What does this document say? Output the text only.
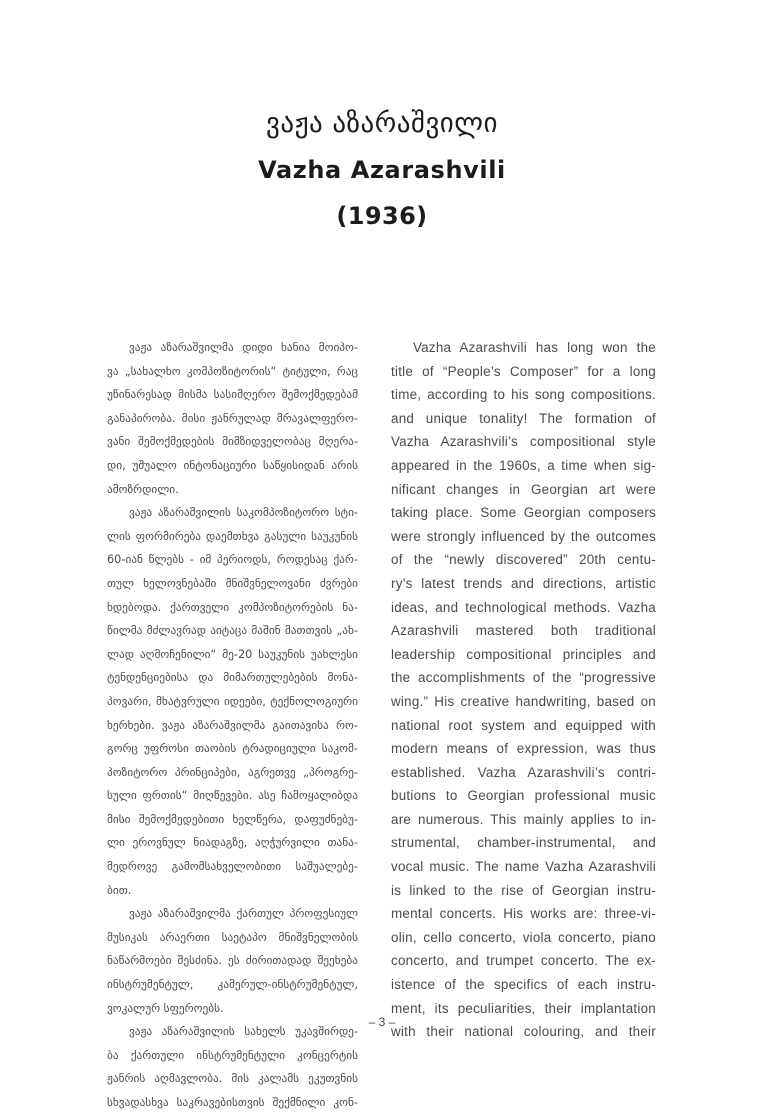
ვაჟა აზარაშვილი
Vazha Azarashvili
(1936)
ვაჟა აზარაშვილმა დიდი ხანია მოიპო-
ვა „სახალხო კომპოზიტორის“ ტიტული, რაც
უწინარესად მისმა სასიმღერო შემოქმედებამ
განაპირობა. მისი ჟანრულად მრავალფერო-
ვანი შემოქმედების მიმზიდველობაც მღერა-
დი, უშუალო ინტონაციური საწყისიდან არის
ამოზრდილი.
ვაჟა აზარაშვილის საკომპოზიტორო სტი-
ლის ფორმირება დაემთხვა გასული საუკუნის
60-იან წლებს - იმ პერიოდს, როდესაც ქარ-
თულ ხელოვნებაში მნიშვნელოვანი ძვრები
ხდებოდა. ქართველი კომპოზიტორების ნა-
წილმა მძლავრად აიტაცა მაშინ მათთვის „ახ-
ლად აღმოჩენილი“ მე-20 საუკუნის უახლესი
ტენდენციებისა და მიმართულებების მონა-
პოვარი, მხატვრული იდეები, ტექნოლოგიური
ხერხები. ვაჟა აზარაშვილმა გაითავისა რო-
გორც უფროსი თაობის ტრადიციული საკომ-
პოზიტორო პრინციპები, აგრეთვე „პროგრე-
სული ფრთის“ მიღწევები. ასე ჩამოყალიბდა
მისი შემოქმედებითი ხელწერა, დაფუძნებუ-
ლი ეროვნულ ნიადაგზე, აღჭურვილი თანა-
მედროვე გამომსახველობითი საშუალებე-
ბით.
ვაჟა აზარაშვილმა ქართულ პროფესიულ
მუსიკას არაერთი საეტაპო მნიშვნელობის
ნაწარმოები შესძინა. ეს ძირითადად შეეხება
ინსტრუმენტულ, კამერულ-ინსტრუმენტულ,
ვოკალურ სფეროებს.
ვაჟა აზარაშვილის სახელს უკავშირდე-
ბა ქართული ინსტრუმენტული კონცერტის
ჟანრის აღმავლობა. მის კალამს ეკუთვნის
სხვადასხვა საკრავებისთვის შექმნილი კონ-
Vazha Azarashvili has long won the
title of “People’s Composer” for a long
time, according to his song compositions.
and unique tonality! The formation of
Vazha Azarashvili’s compositional style
appeared in the 1960s, a time when sig-
nificant changes in Georgian art were
taking place. Some Georgian composers
were strongly influenced by the outcomes
of the “newly discovered” 20th centu-
ry’s latest trends and directions, artistic
ideas, and technological methods. Vazha
Azarashvili mastered both traditional
leadership compositional principles and
the accomplishments of the “progressive
wing.” His creative handwriting, based on
national root system and equipped with
modern means of expression, was thus
established. Vazha Azarashvili’s contri-
butions to Georgian professional music
are numerous. This mainly applies to in-
strumental, chamber-instrumental, and
vocal music. The name Vazha Azarashvili
is linked to the rise of Georgian instru-
mental concerts. His works are: three-vi-
olin, cello concerto, viola concerto, piano
concerto, and trumpet concerto. The ex-
istence of the specifics of each instru-
ment, its peculiarities, their implantation
with their national colouring, and their
– 3 –
